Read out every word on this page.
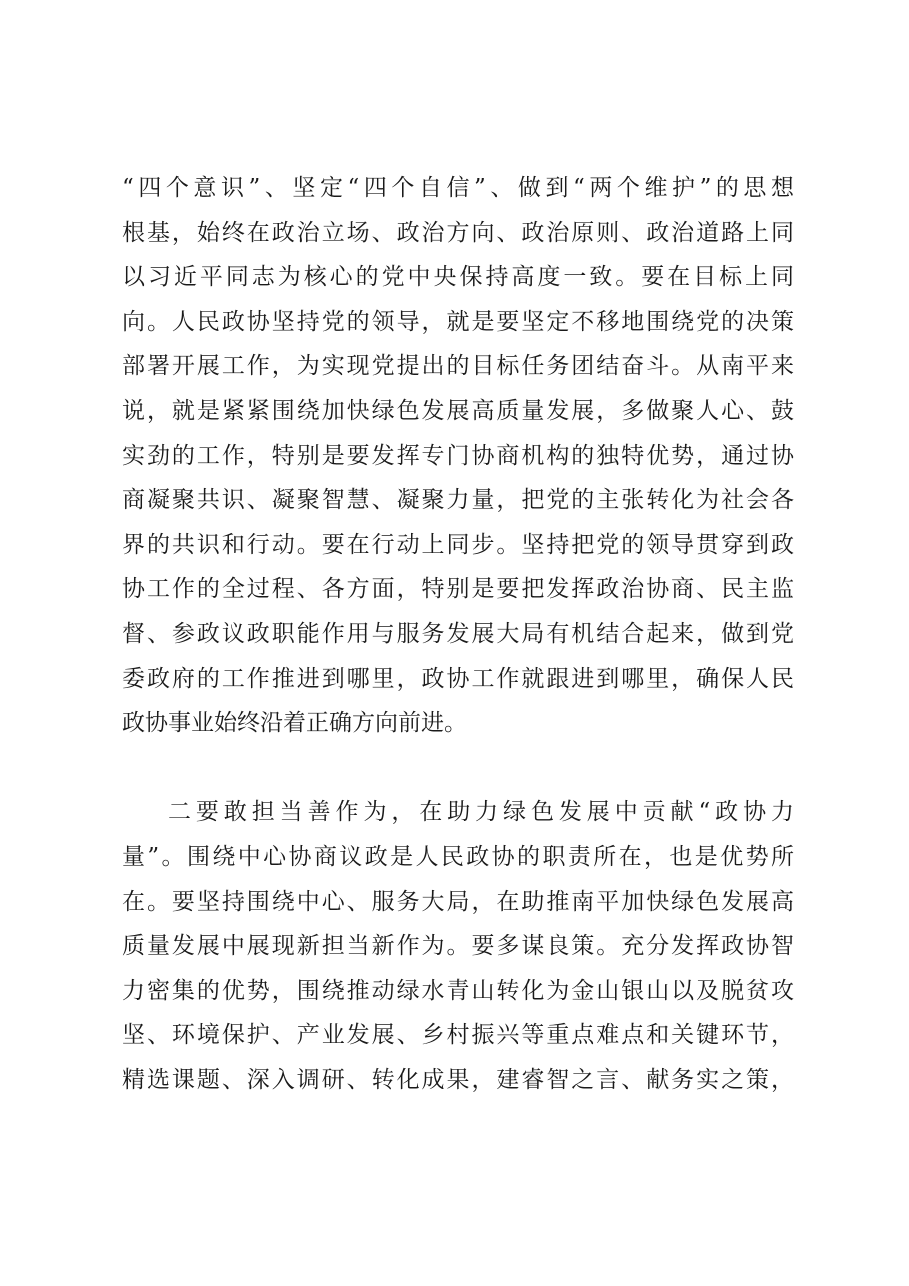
“四个意识”、坚定“四个自信”、做到“两个维护”的思想
根基，始终在政治立场、政治方向、政治原则、政治道路上同
以习近平同志为核心的党中央保持高度一致。要在目标上同
向。人民政协坚持党的领导，就是要坚定不移地围绕党的决策
部署开展工作，为实现党提出的目标任务团结奋斗。从南平来
说，就是紧紧围绕加快绿色发展高质量发展，多做聚人心、鼓
实劲的工作，特别是要发挥专门协商机构的独特优势，通过协
商凝聚共识、凝聚智慧、凝聚力量，把党的主张转化为社会各
界的共识和行动。要在行动上同步。坚持把党的领导贯穿到政
协工作的全过程、各方面，特别是要把发挥政治协商、民主监
督、参政议政职能作用与服务发展大局有机结合起来，做到党
委政府的工作推进到哪里，政协工作就跟进到哪里，确保人民
政协事业始终沿着正确方向前进。
二要敢担当善作为，在助力绿色发展中贡献“政协力
量”。围绕中心协商议政是人民政协的职责所在，也是优势所
在。要坚持围绕中心、服务大局，在助推南平加快绿色发展高
质量发展中展现新担当新作为。要多谋良策。充分发挥政协智
力密集的优势，围绕推动绿水青山转化为金山银山以及脱贫攻
坚、环境保护、产业发展、乡村振兴等重点难点和关键环节，
精选课题、深入调研、转化成果，建睿智之言、献务实之策，
